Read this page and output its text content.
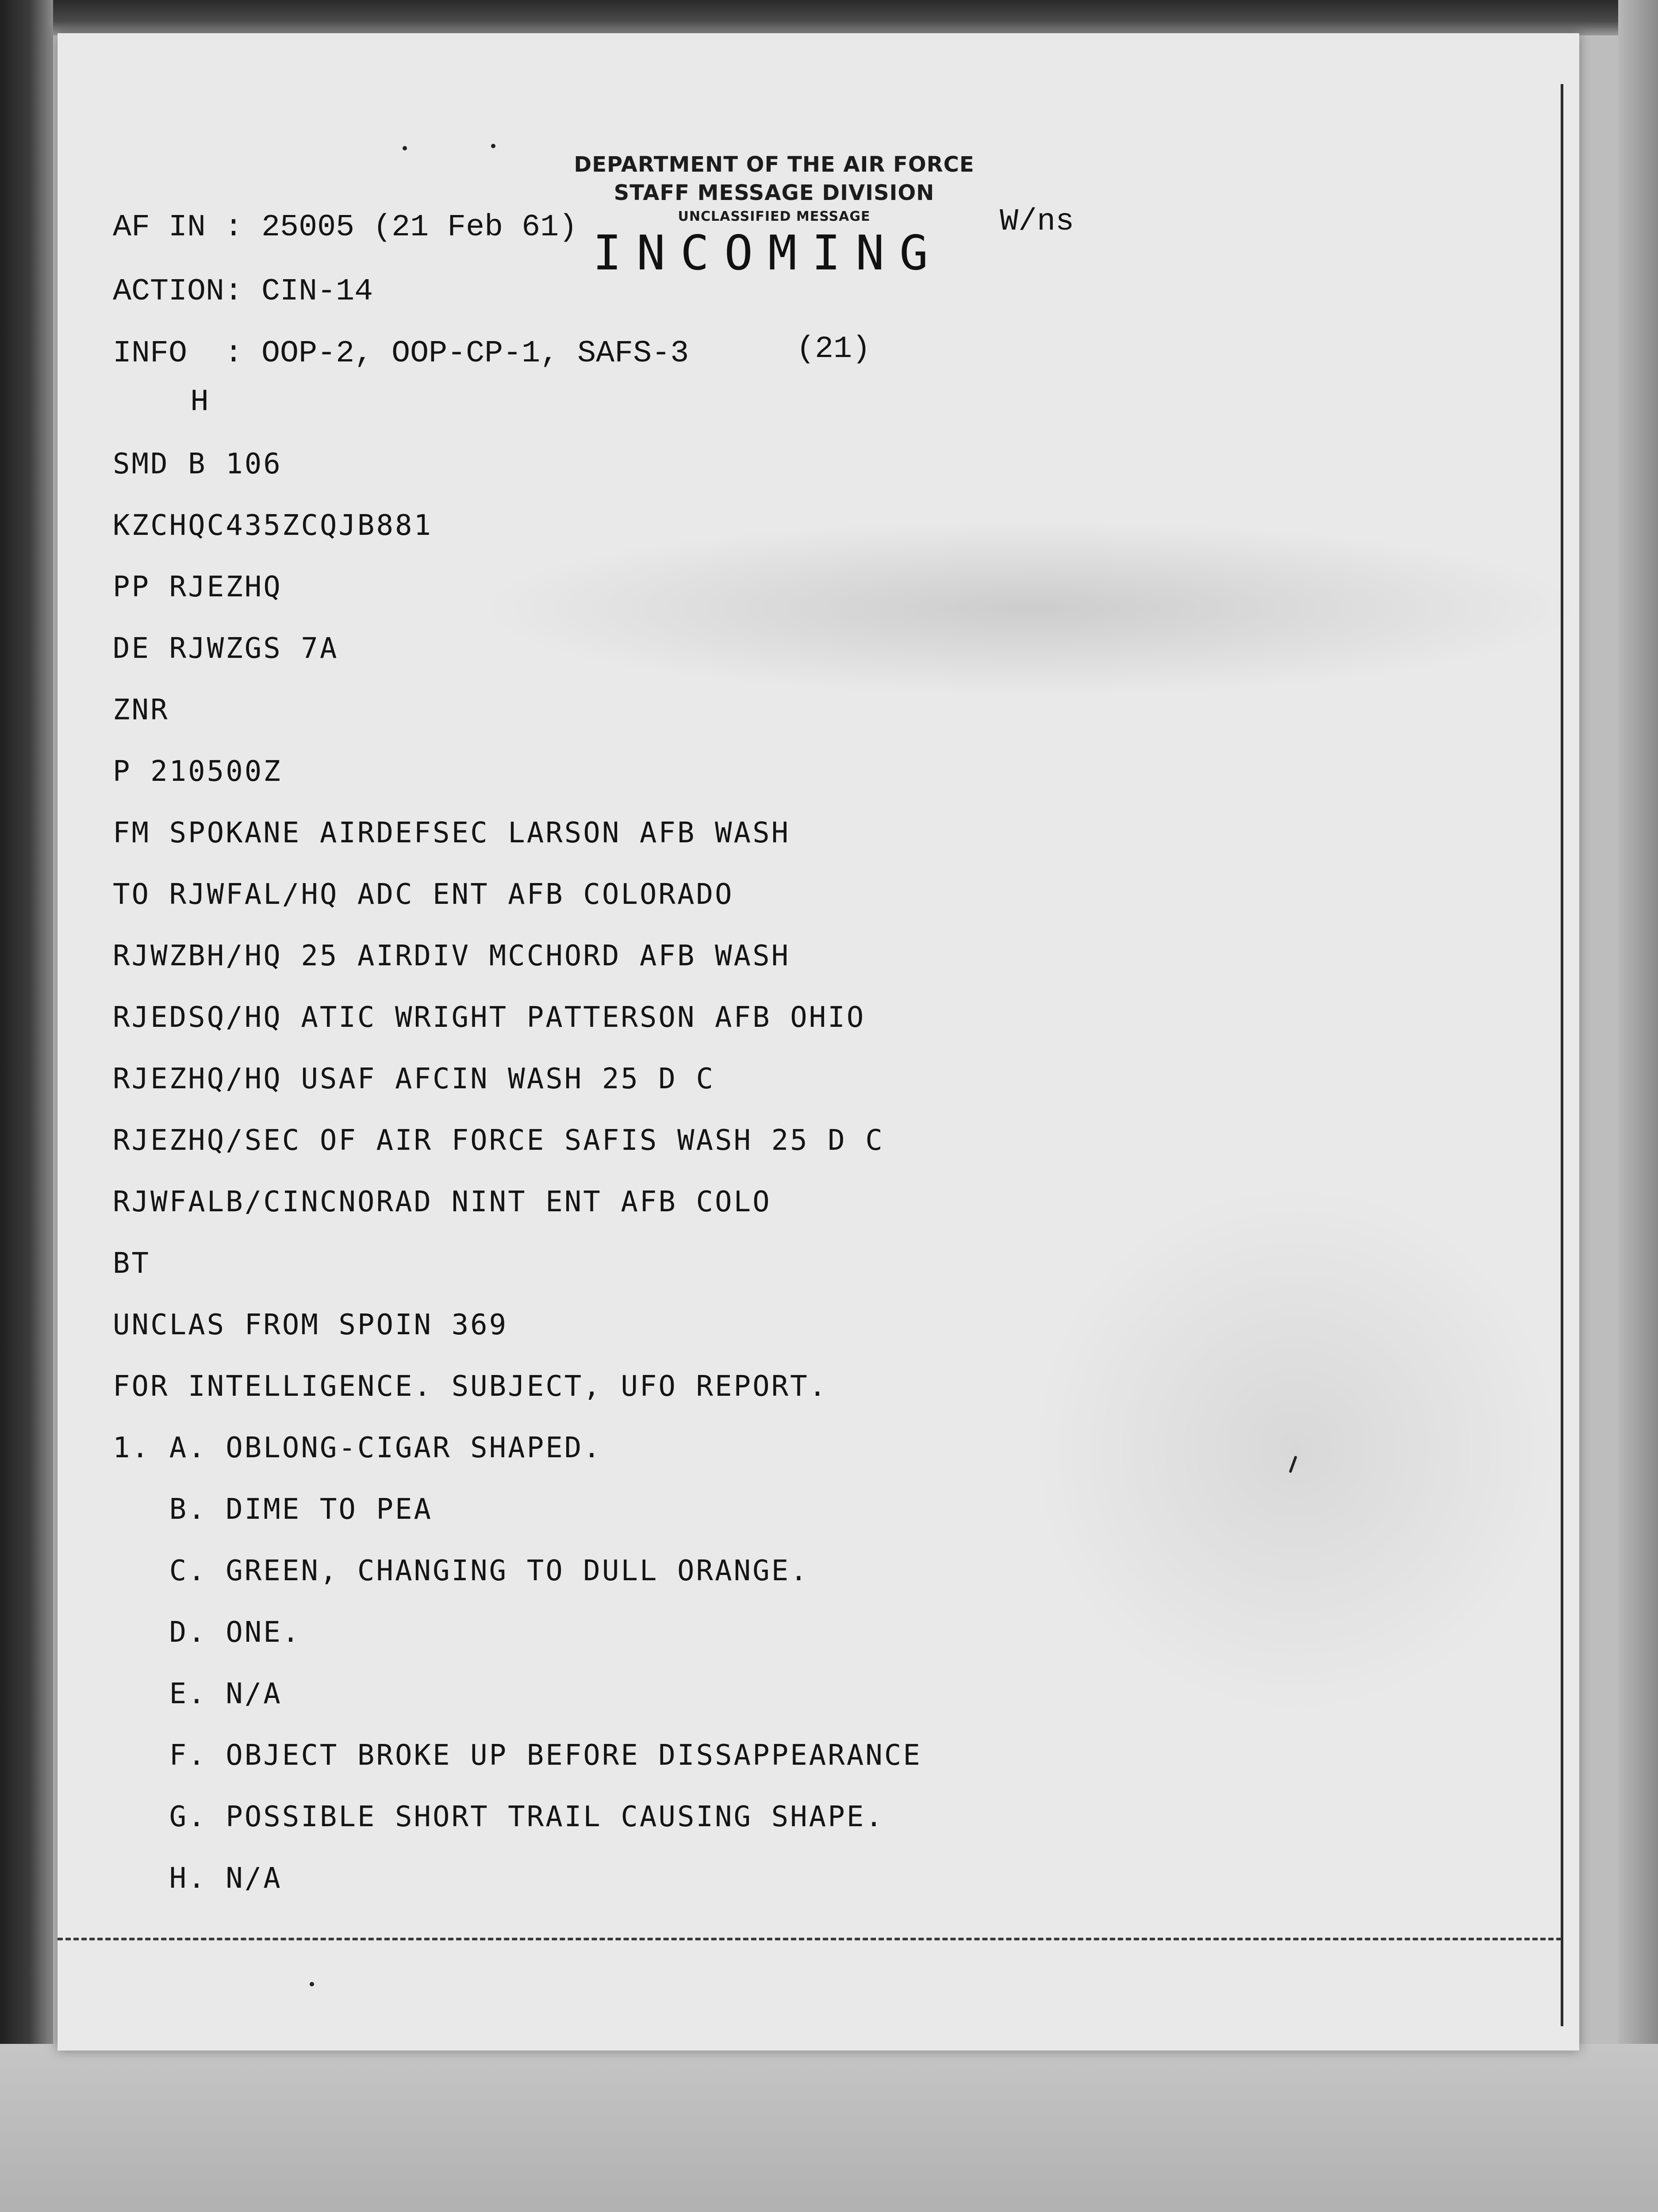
DEPARTMENT OF THE AIR FORCE
STAFF MESSAGE DIVISION
UNCLASSIFIED MESSAGE
INCOMING
AF IN : 25005 (21 Feb 61)	W/ns
ACTION: CIN-14
INFO  : OOP-2, OOP-CP-1, SAFS-3	(21)
H
SMD B 106
KZCHQC435ZCQJB881
PP RJEZHQ
DE RJWZGS 7A
ZNR
P 210500Z
FM SPOKANE AIRDEFSEC LARSON AFB WASH
TO RJWFAL/HQ ADC ENT AFB COLORADO
RJWZBH/HQ 25 AIRDIV MCCHORD AFB WASH
RJEDSQ/HQ ATIC WRIGHT PATTERSON AFB OHIO
RJEZHQ/HQ USAF AFCIN WASH 25 D C
RJEZHQ/SEC OF AIR FORCE SAFIS WASH 25 D C
RJWFALB/CINCNORAD NINT ENT AFB COLO
BT
UNCLAS FROM SPOIN 369
FOR INTELLIGENCE. SUBJECT, UFO REPORT.
1. A. OBLONG-CIGAR SHAPED.
B. DIME TO PEA
C. GREEN, CHANGING TO DULL ORANGE.
D. ONE.
E. N/A
F. OBJECT BROKE UP BEFORE DISSAPPEARANCE
G. POSSIBLE SHORT TRAIL CAUSING SHAPE.
H. N/A
